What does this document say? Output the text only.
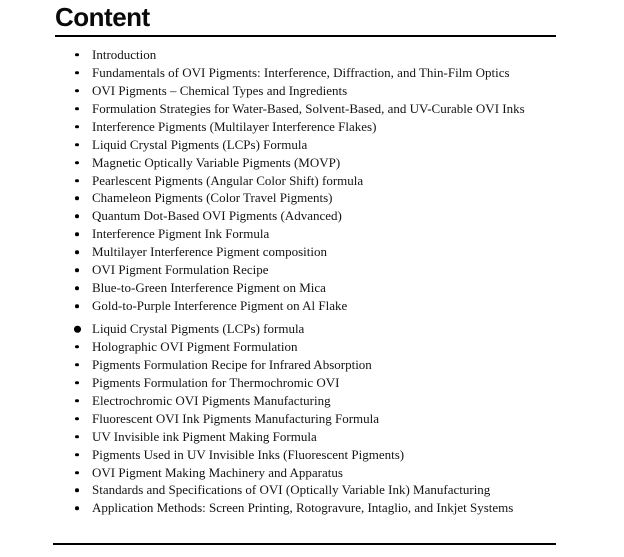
Content
Introduction
Fundamentals of OVI Pigments: Interference, Diffraction, and Thin-Film Optics
OVI Pigments – Chemical Types and Ingredients
Formulation Strategies for Water-Based, Solvent-Based, and UV-Curable OVI Inks
Interference Pigments (Multilayer Interference Flakes)
Liquid Crystal Pigments (LCPs) Formula
Magnetic Optically Variable Pigments (MOVP)
Pearlescent Pigments (Angular Color Shift) formula
Chameleon Pigments (Color Travel Pigments)
Quantum Dot-Based OVI Pigments (Advanced)
Interference Pigment Ink Formula
Multilayer Interference Pigment composition
OVI Pigment Formulation Recipe
Blue-to-Green Interference Pigment on Mica
Gold-to-Purple Interference Pigment on Al Flake
Liquid Crystal Pigments (LCPs) formula
Holographic OVI Pigment Formulation
Pigments Formulation Recipe for Infrared Absorption
Pigments Formulation for Thermochromic OVI
Electrochromic OVI Pigments Manufacturing
Fluorescent OVI Ink Pigments Manufacturing Formula
UV Invisible ink Pigment Making Formula
Pigments Used in UV Invisible Inks (Fluorescent Pigments)
OVI Pigment Making Machinery and Apparatus
Standards and Specifications of OVI (Optically Variable Ink) Manufacturing
Application Methods: Screen Printing, Rotogravure, Intaglio, and Inkjet Systems
